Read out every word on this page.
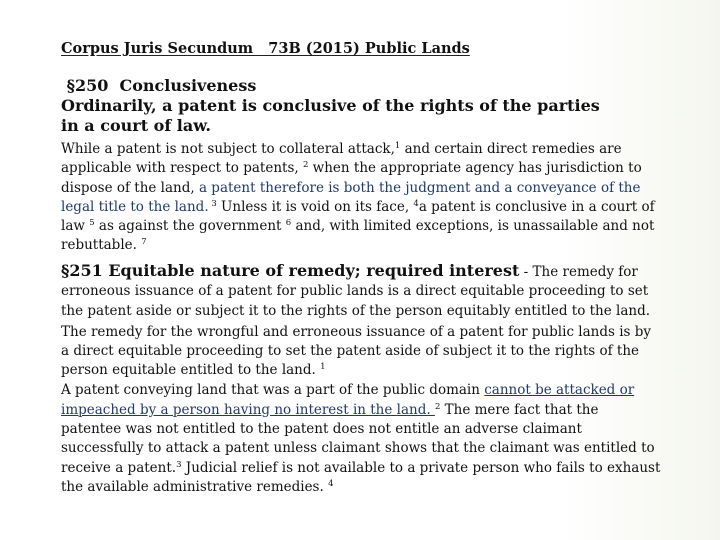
Corpus Juris Secundum   73B (2015) Public Lands
§250  Conclusiveness
Ordinarily, a patent is conclusive of the rights of the parties in a court of law.
While a patent is not subject to collateral attack,$^1$ and certain direct remedies are applicable with respect to patents, $^2$ when the appropriate agency has jurisdiction to dispose of the land, a patent therefore is both the judgment and a conveyance of the legal title to the land. $^3$ Unless it is void on its face, $^4$a patent is conclusive in a court of law $^5$ as against the government $^6$ and, with limited exceptions, is unassailable and not rebuttable. $^7$
§251 Equitable nature of remedy; required interest - The remedy for erroneous issuance of a patent for public lands is a direct equitable proceeding to set the patent aside or subject it to the rights of the person equitably entitled to the land.
The remedy for the wrongful and erroneous issuance of a patent for public lands is by a direct equitable proceeding to set the patent aside of subject it to the rights of the person equitable entitled to the land. $^1$
A patent conveying land that was a part of the public domain cannot be attacked or impeached by a person having no interest in the land. $^2$ The mere fact that the patentee was not entitled to the patent does not entitle an adverse claimant successfully to attack a patent unless claimant shows that the claimant was entitled to receive a patent.$^3$ Judicial relief is not available to a private person who fails to exhaust the available administrative remedies. $^4$
